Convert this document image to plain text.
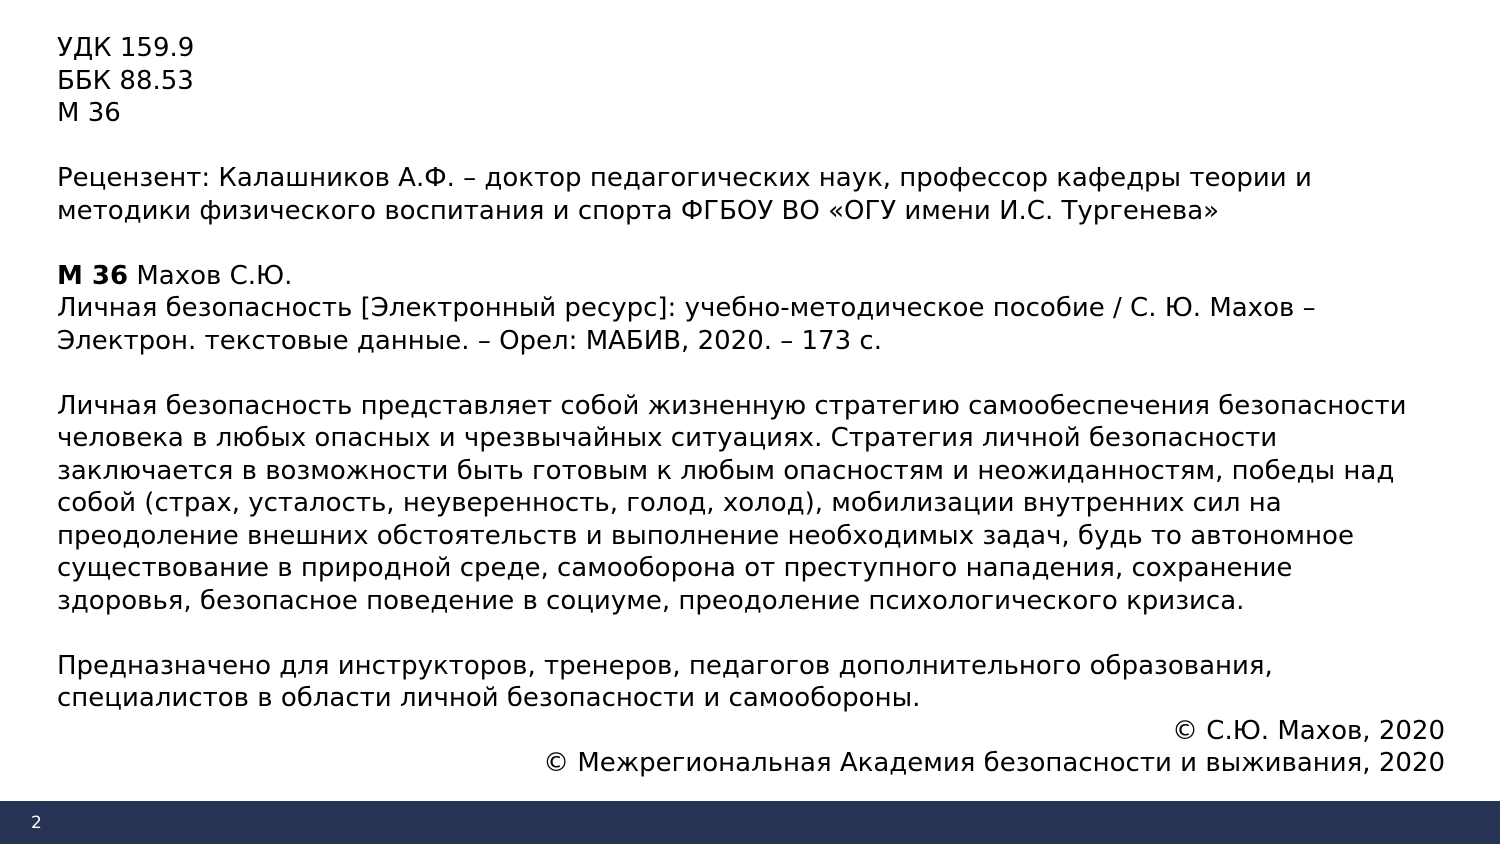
УДК 159.9
ББК 88.53
М 36
Рецензент: Калашников А.Ф. – доктор педагогических наук, профессор кафедры теории и
методики физического воспитания и спорта ФГБОУ ВО «ОГУ имени И.С. Тургенева»
М 36 Махов С.Ю.
Личная безопасность [Электронный ресурс]: учебно-методическое пособие / С. Ю. Махов –
Электрон. текстовые данные. – Орел: МАБИВ, 2020. – 173 с.
Личная безопасность представляет собой жизненную стратегию самообеспечения безопасности
человека в любых опасных и чрезвычайных ситуациях. Стратегия личной безопасности
заключается в возможности быть готовым к любым опасностям и неожиданностям, победы над
собой (страх, усталость, неуверенность, голод, холод), мобилизации внутренних сил на
преодоление внешних обстоятельств и выполнение необходимых задач, будь то автономное
существование в природной среде, самооборона от преступного нападения, сохранение
здоровья, безопасное поведение в социуме, преодоление психологического кризиса.
Предназначено для инструкторов, тренеров, педагогов дополнительного образования,
специалистов в области личной безопасности и самообороны.
© С.Ю. Махов, 2020
© Межрегиональная Академия безопасности и выживания, 2020
2
